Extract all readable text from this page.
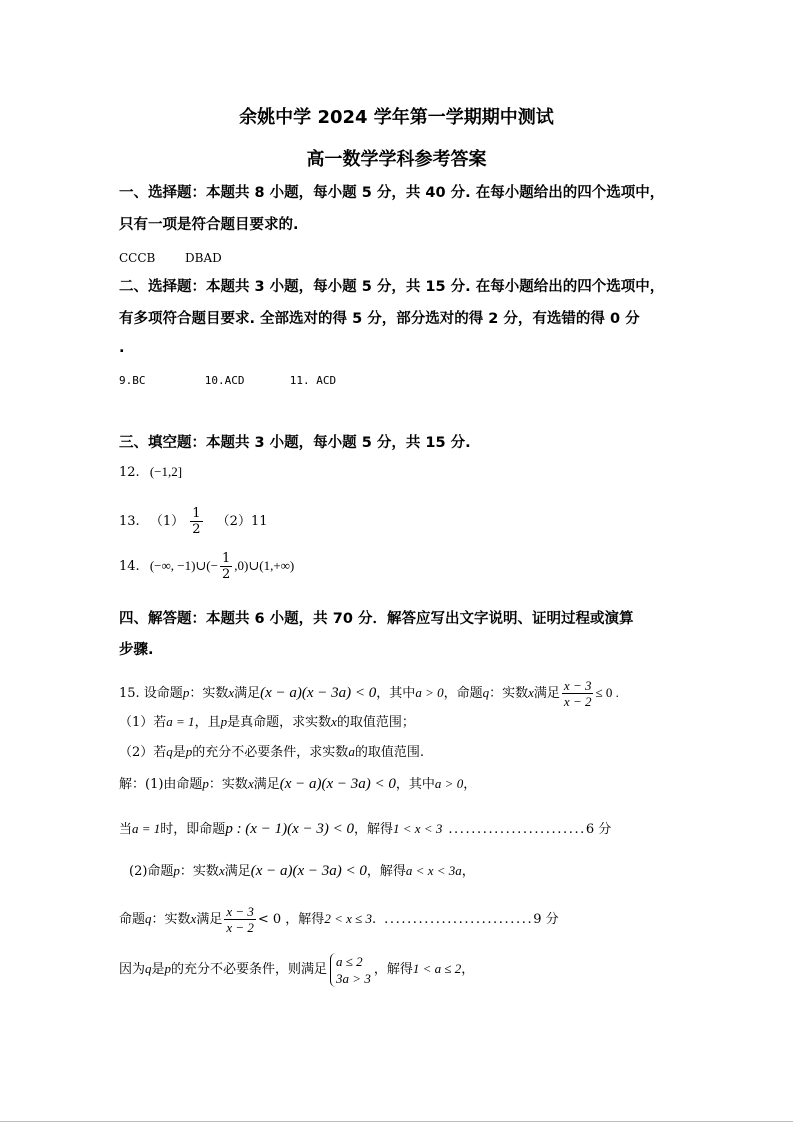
余姚中学 2024 学年第一学期期中测试
高一数学学科参考答案
一、选择题：本题共 8 小题，每小题 5 分，共 40 分. 在每小题给出的四个选项中，
只有一项是符合题目要求的.
CCCB DBAD
二、选择题：本题共 3 小题，每小题 5 分，共 15 分. 在每小题给出的四个选项中，
有多项符合题目要求. 全部选对的得 5 分，部分选对的得 2 分，有选错的得 0 分
.
9.BC	10.ACD	11. ACD
三、填空题：本题共 3 小题，每小题 5 分，共 15 分.
12. (−1,2]
13. $(1) \frac{1}{2} (2)11$
14. (−∞, −1)∪(− $\frac{1}{2}$ ,0)∪(1,+∞)
四、解答题：本题共 6 小题，共 70 分．解答应写出文字说明、证明过程或演算
步骤.
15. 设命题p：实数x满足(x − a)(x − 3a) < 0，其中a > 0，命题q：实数x满足 $\frac{x - 3}{x - 2} \le 0$ .
（1）若a = 1，且p是真命题，求实数x的取值范围；
（2）若q是p的充分不必要条件，求实数a的取值范围.
解：(1)由命题p：实数x满足(x − a)(x − 3a) < 0，其中a > 0，
当a = 1时，即命题p : (x − 1)(x − 3) < 0，解得1 < x < 3 ........................6 分
(2)命题p：实数x满足(x − a)(x − 3a) < 0，解得a < x < 3a，
命题q：实数x满足 $\frac{x - 3}{x - 2} < 0$ ，解得2 < x ≤ 3. ..........................9 分
因为q是p的充分不必要条件，则满足
a ≤ 2
3a > 3
，解得1 < a ≤ 2，
